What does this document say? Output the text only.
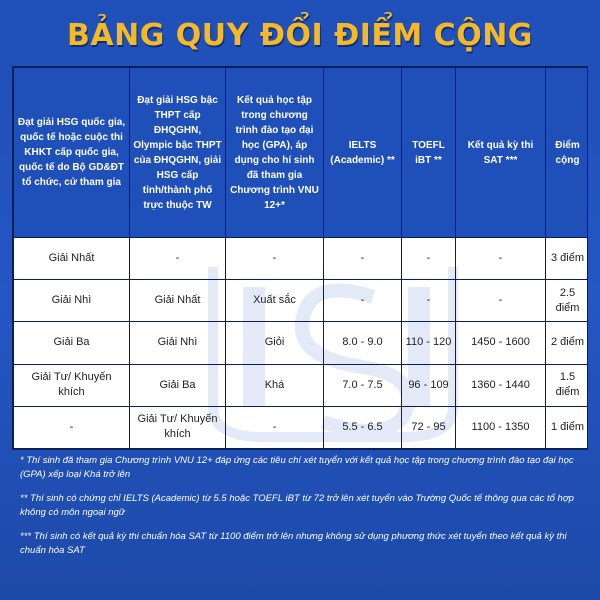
BẢNG QUY ĐỔI ĐIỂM CỘNG
Đạt giải HSG quốc gia, quốc tế hoặc cuộc thi KHKT cấp quốc gia, quốc tế do Bộ GD&ĐT tổ chức, cử tham gia	Đạt giải HSG bậc THPT cấp ĐHQGHN, Olympic bậc THPT của ĐHQGHN, giải HSG cấp tỉnh/thành phố trực thuộc TW	Kết quả học tập trong chương trình đào tạo đại học (GPA), áp dụng cho hí sinh đã tham gia Chương trình VNU 12+*	IELTS (Academic) **	TOEFL iBT **	Kết quả kỳ thi SAT ***	Điểm cộng
Giải Nhất	-	-	-	-	-	3 điểm
Giải Nhì	Giải Nhất	Xuất sắc	-	-	-	2.5 điểm
Giải Ba	Giải Nhì	Giỏi	8.0 - 9.0	110 - 120	1450 - 1600	2 điểm
Giải Tư/ Khuyến khích	Giải Ba	Khá	7.0 - 7.5	96 - 109	1360 - 1440	1.5 điểm
-	Giải Tư/ Khuyến khích	-	5.5 - 6.5	72 - 95	1100 - 1350	1 điểm

* Thí sinh đã tham gia Chương trình VNU 12+ đáp ứng các tiêu chí xét tuyển với kết quả học tập trong chương trình đào tạo đại học (GPA) xếp loại Khá trở lên

** Thí sinh có chứng chỉ IELTS (Academic) từ 5.5 hoặc TOEFL iBT từ 72 trở lên xét tuyển vào Trường Quốc tế thông qua các tổ hợp không có môn ngoại ngữ

*** Thí sinh có kết quả kỳ thi chuẩn hóa SAT từ 1100 điểm trở lên nhưng không sử dụng phương thức xét tuyển theo kết quả kỳ thi chuẩn hóa SAT
